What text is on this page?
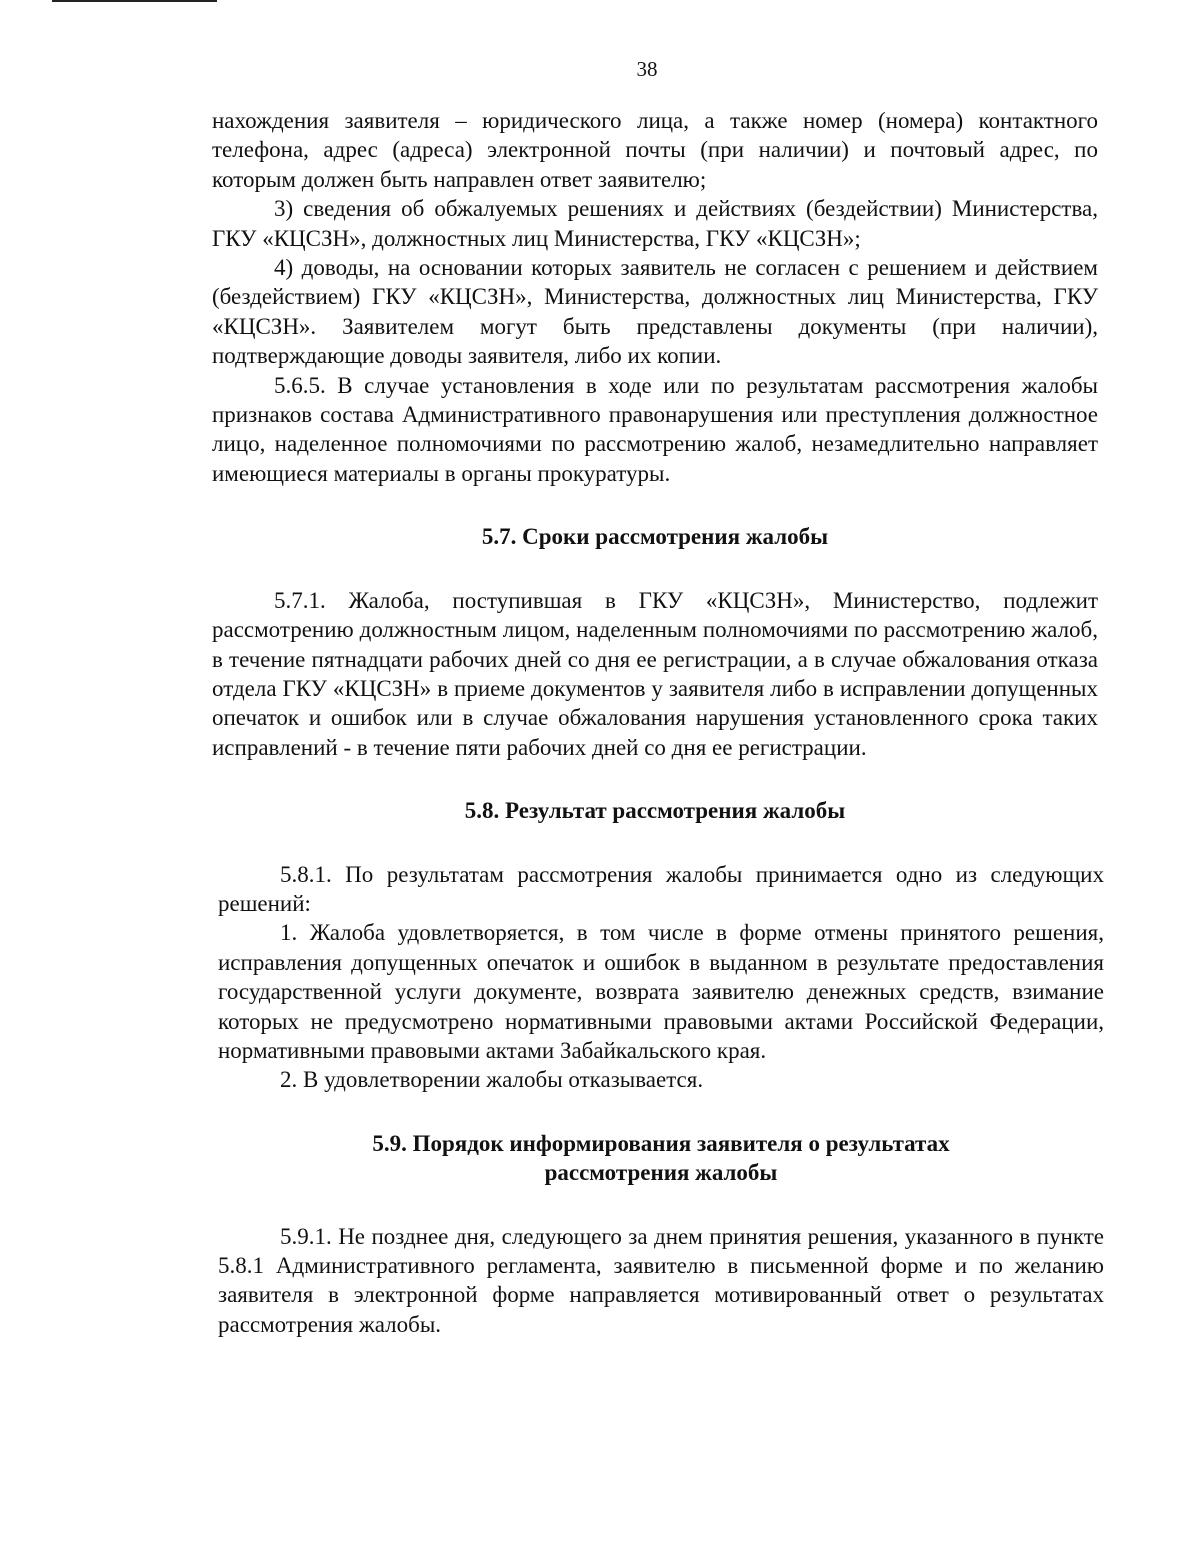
38

нахождения заявителя – юридического лица, а также номер (номера) контактного телефона, адрес (адреса) электронной почты (при наличии) и почтовый адрес, по которым должен быть направлен ответ заявителю;

3) сведения об обжалуемых решениях и действиях (бездействии) Министерства, ГКУ «КЦСЗН», должностных лиц Министерства, ГКУ «КЦСЗН»;

4) доводы, на основании которых заявитель не согласен с решением и действием (бездействием) ГКУ «КЦСЗН», Министерства, должностных лиц Министерства, ГКУ «КЦСЗН». Заявителем могут быть представлены документы (при наличии), подтверждающие доводы заявителя, либо их копии.

5.6.5. В случае установления в ходе или по результатам рассмотрения жалобы признаков состава Административного правонарушения или преступления должностное лицо, наделенное полномочиями по рассмотрению жалоб, незамедлительно направляет имеющиеся материалы в органы прокуратуры.

5.7. Сроки рассмотрения жалобы

5.7.1. Жалоба, поступившая в ГКУ «КЦСЗН», Министерство, подлежит рассмотрению должностным лицом, наделенным полномочиями по рассмотрению жалоб, в течение пятнадцати рабочих дней со дня ее регистрации, а в случае обжалования отказа отдела ГКУ «КЦСЗН» в приеме документов у заявителя либо в исправлении допущенных опечаток и ошибок или в случае обжалования нарушения установленного срока таких исправлений - в течение пяти рабочих дней со дня ее регистрации.

5.8. Результат рассмотрения жалобы

5.8.1. По результатам рассмотрения жалобы принимается одно из следующих решений:

1. Жалоба удовлетворяется, в том числе в форме отмены принятого решения, исправления допущенных опечаток и ошибок в выданном в результате предоставления государственной услуги документе, возврата заявителю денежных средств, взимание которых не предусмотрено нормативными правовыми актами Российской Федерации, нормативными правовыми актами Забайкальского края.

2. В удовлетворении жалобы отказывается.

5.9. Порядок информирования заявителя о результатах
рассмотрения жалобы

5.9.1. Не позднее дня, следующего за днем принятия решения, указанного в пункте 5.8.1 Административного регламента, заявителю в письменной форме и по желанию заявителя в электронной форме направляется мотивированный ответ о результатах рассмотрения жалобы.
